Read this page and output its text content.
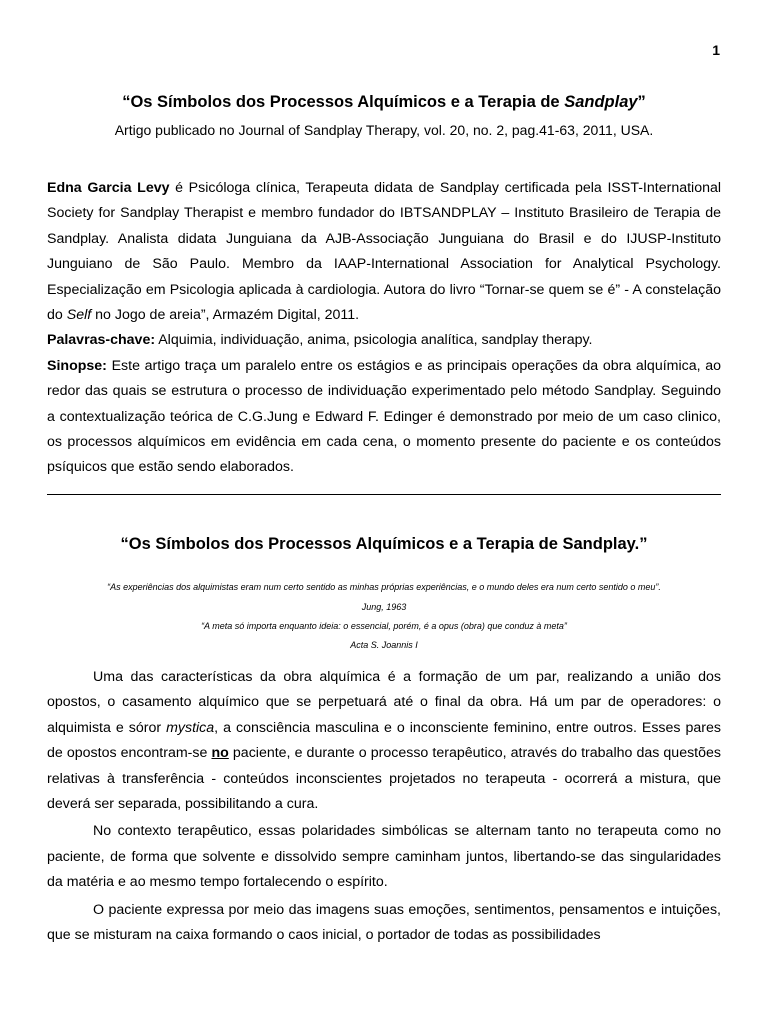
1
“Os Símbolos dos Processos Alquímicos e a Terapia de Sandplay”
Artigo publicado no Journal of Sandplay Therapy, vol. 20, no. 2, pag.41-63, 2011, USA.

Edna Garcia Levy é Psicóloga clínica, Terapeuta didata de Sandplay certificada pela ISST-International Society for Sandplay Therapist e membro fundador do IBTSANDPLAY – Instituto Brasileiro de Terapia de Sandplay. Analista didata Junguiana da AJB-Associação Junguiana do Brasil e do IJUSP-Instituto Junguiano de São Paulo. Membro da IAAP-International Association for Analytical Psychology. Especialização em Psicologia aplicada à cardiologia. Autora do livro “Tornar-se quem se é” - A constelação do Self no Jogo de areia”, Armazém Digital, 2011.

Palavras-chave: Alquimia, individuação, anima, psicologia analítica, sandplay therapy.

Sinopse: Este artigo traça um paralelo entre os estágios e as principais operações da obra alquímica, ao redor das quais se estrutura o processo de individuação experimentado pelo método Sandplay. Seguindo a contextualização teórica de C.G.Jung e Edward F. Edinger é demonstrado por meio de um caso clinico, os processos alquímicos em evidência em cada cena, o momento presente do paciente e os conteúdos psíquicos que estão sendo elaborados.

“Os Símbolos dos Processos Alquímicos e a Terapia de Sandplay.”
“As experiências dos alquimistas eram num certo sentido as minhas próprias experiências, e o mundo deles era num certo sentido o meu”.
Jung, 1963
“A meta só importa enquanto ideia: o essencial, porém, é a opus (obra) que conduz à meta”
Acta S. Joannis I

Uma das características da obra alquímica é a formação de um par, realizando a união dos opostos, o casamento alquímico que se perpetuará até o final da obra. Há um par de operadores: o alquimista e sóror mystica, a consciência masculina e o inconsciente feminino, entre outros. Esses pares de opostos encontram-se no paciente, e durante o processo terapêutico, através do trabalho das questões relativas à transferência - conteúdos inconscientes projetados no terapeuta - ocorrerá a mistura, que deverá ser separada, possibilitando a cura.

No contexto terapêutico, essas polaridades simbólicas se alternam tanto no terapeuta como no paciente, de forma que solvente e dissolvido sempre caminham juntos, libertando-se das singularidades da matéria e ao mesmo tempo fortalecendo o espírito.

O paciente expressa por meio das imagens suas emoções, sentimentos, pensamentos e intuições, que se misturam na caixa formando o caos inicial, o portador de todas as possibilidades
